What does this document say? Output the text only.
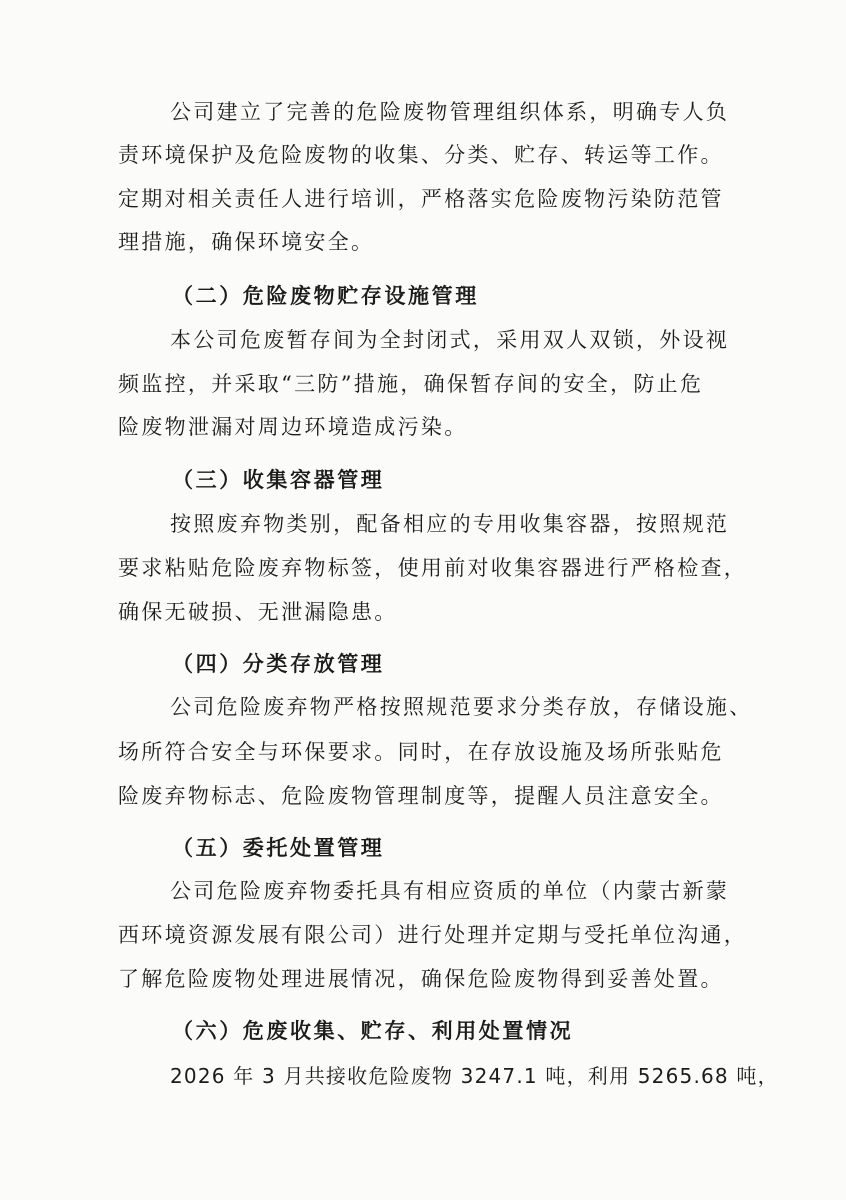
公司建立了完善的危险废物管理组织体系，明确专人负
责环境保护及危险废物的收集、分类、贮存、转运等工作。
定期对相关责任人进行培训，严格落实危险废物污染防范管
理措施，确保环境安全。
（二）危险废物贮存设施管理
本公司危废暂存间为全封闭式，采用双人双锁，外设视
频监控，并采取“三防”措施，确保暂存间的安全，防止危
险废物泄漏对周边环境造成污染。
（三）收集容器管理
按照废弃物类别，配备相应的专用收集容器，按照规范
要求粘贴危险废弃物标签，使用前对收集容器进行严格检查，
确保无破损、无泄漏隐患。
（四）分类存放管理
公司危险废弃物严格按照规范要求分类存放，存储设施、
场所符合安全与环保要求。同时，在存放设施及场所张贴危
险废弃物标志、危险废物管理制度等，提醒人员注意安全。
（五）委托处置管理
公司危险废弃物委托具有相应资质的单位（内蒙古新蒙
西环境资源发展有限公司）进行处理并定期与受托单位沟通，
了解危险废物处理进展情况，确保危险废物得到妥善处置。
（六）危废收集、贮存、利用处置情况
2026 年 3 月共接收危险废物 3247.1 吨，利用 5265.68 吨，
